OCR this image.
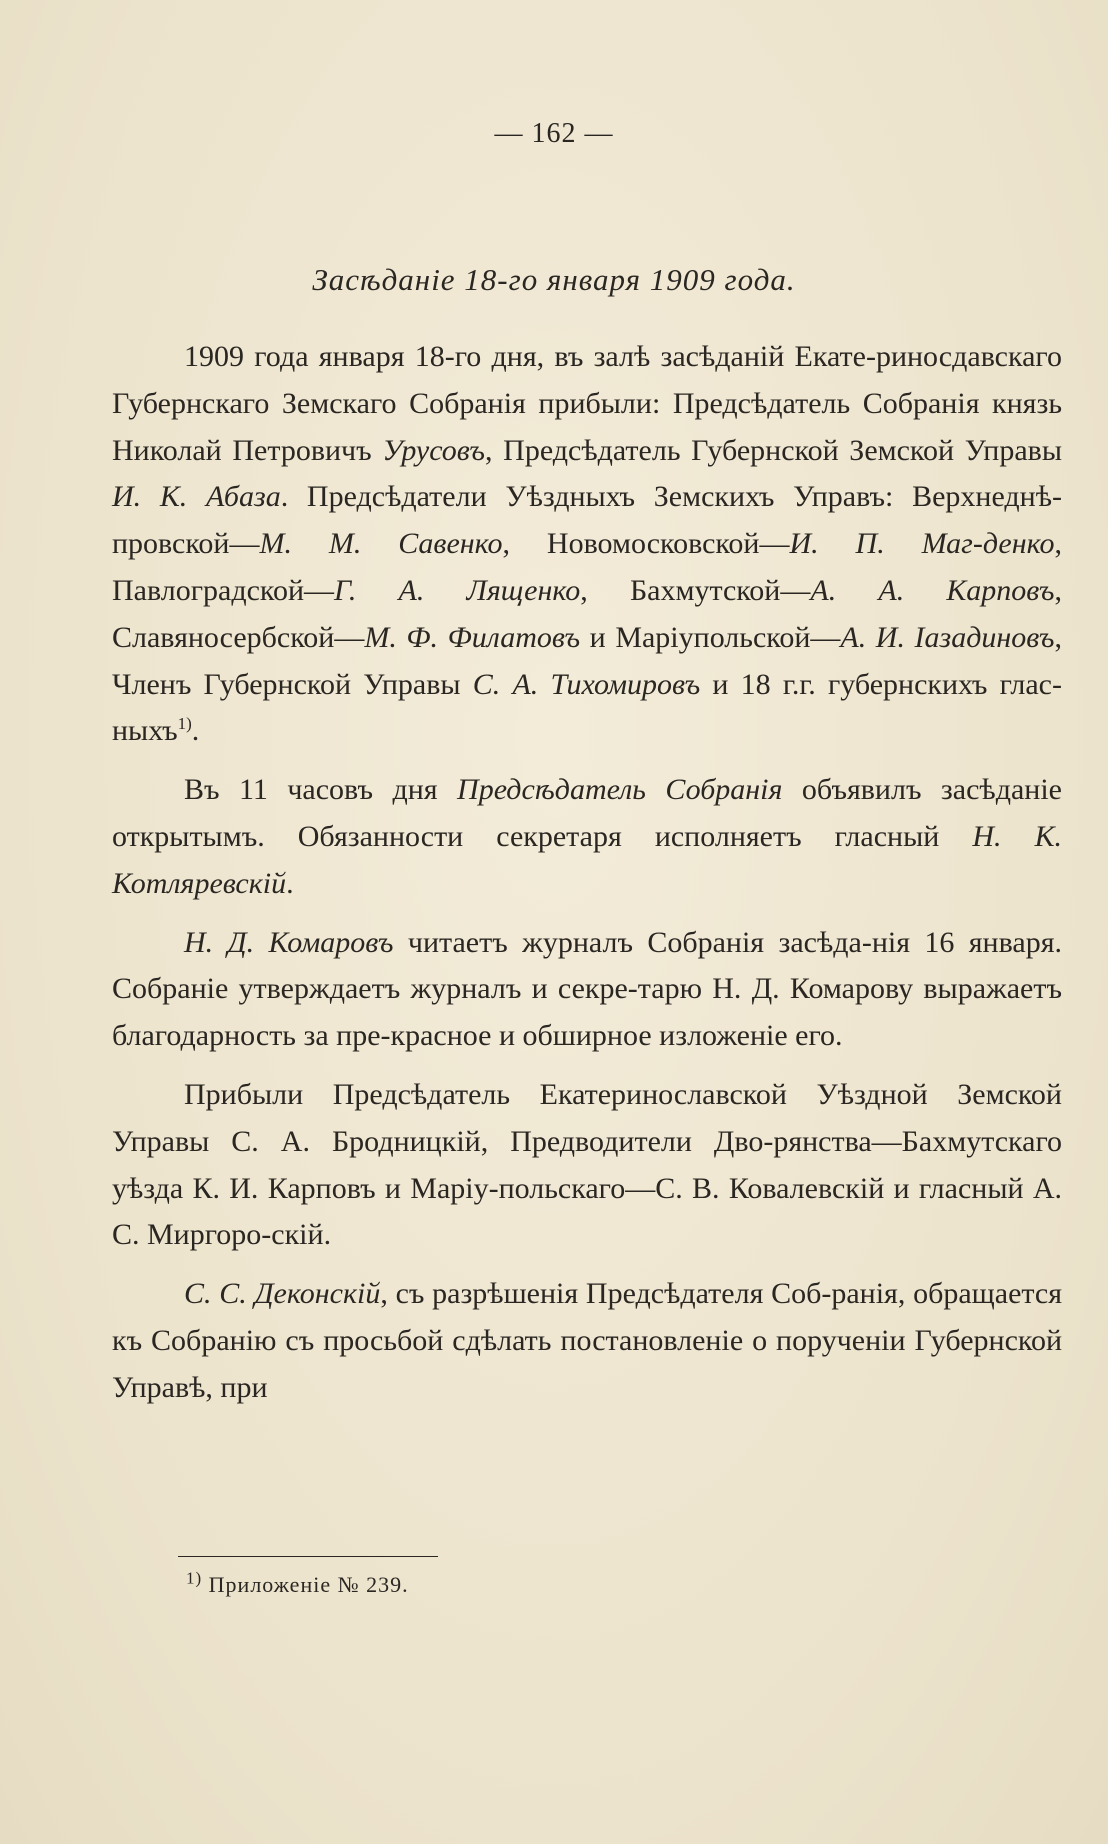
— 162 —
Засѣданіе 18-го января 1909 года.

1909 года января 18-го дня, въ залѣ засѣданій Екате-риносдавскаго Губернскаго Земскаго Собранія прибыли: Предсѣдатель Собранія князь Николай Петровичъ Урусовъ, Предсѣдатель Губернской Земской Управы И. К. Абаза. Предсѣдатели Уѣздныхъ Земскихъ Управъ: Верхнеднѣ-провской—М. М. Савенко, Новомосковской—И. П. Маг-денко, Павлоградской—Г. А. Лященко, Бахмутской—А. А. Карповъ, Славяносербской—М. Ф. Филатовъ и Маріупольской—А. И. Іазадиновъ, Членъ Губернской Управы С. А. Тихомировъ и 18 г.г. губернскихъ глас-ныхъ$^{1)}$.

Въ 11 часовъ дня Предсѣдатель Собранія объявилъ засѣданіе открытымъ. Обязанности секретаря исполняетъ гласный Н. К. Котляревскій.

Н. Д. Комаровъ читаетъ журналъ Собранія засѣда-нія 16 января. Собраніе утверждаетъ журналъ и секре-тарю Н. Д. Комарову выражаетъ благодарность за пре-красное и обширное изложеніе его.

Прибыли Предсѣдатель Екатеринославской Уѣздной Земской Управы С. А. Бродницкій, Предводители Дво-рянства—Бахмутскаго уѣзда К. И. Карповъ и Маріу-польскаго—С. В. Ковалевскій и гласный А. С. Миргоро-скій.

С. С. Деконскій, съ разрѣшенія Предсѣдателя Соб-ранія, обращается къ Собранію съ просьбой сдѣлать постановленіе о порученіи Губернской Управѣ, при

$^{1)}$ Приложеніе № 239.
